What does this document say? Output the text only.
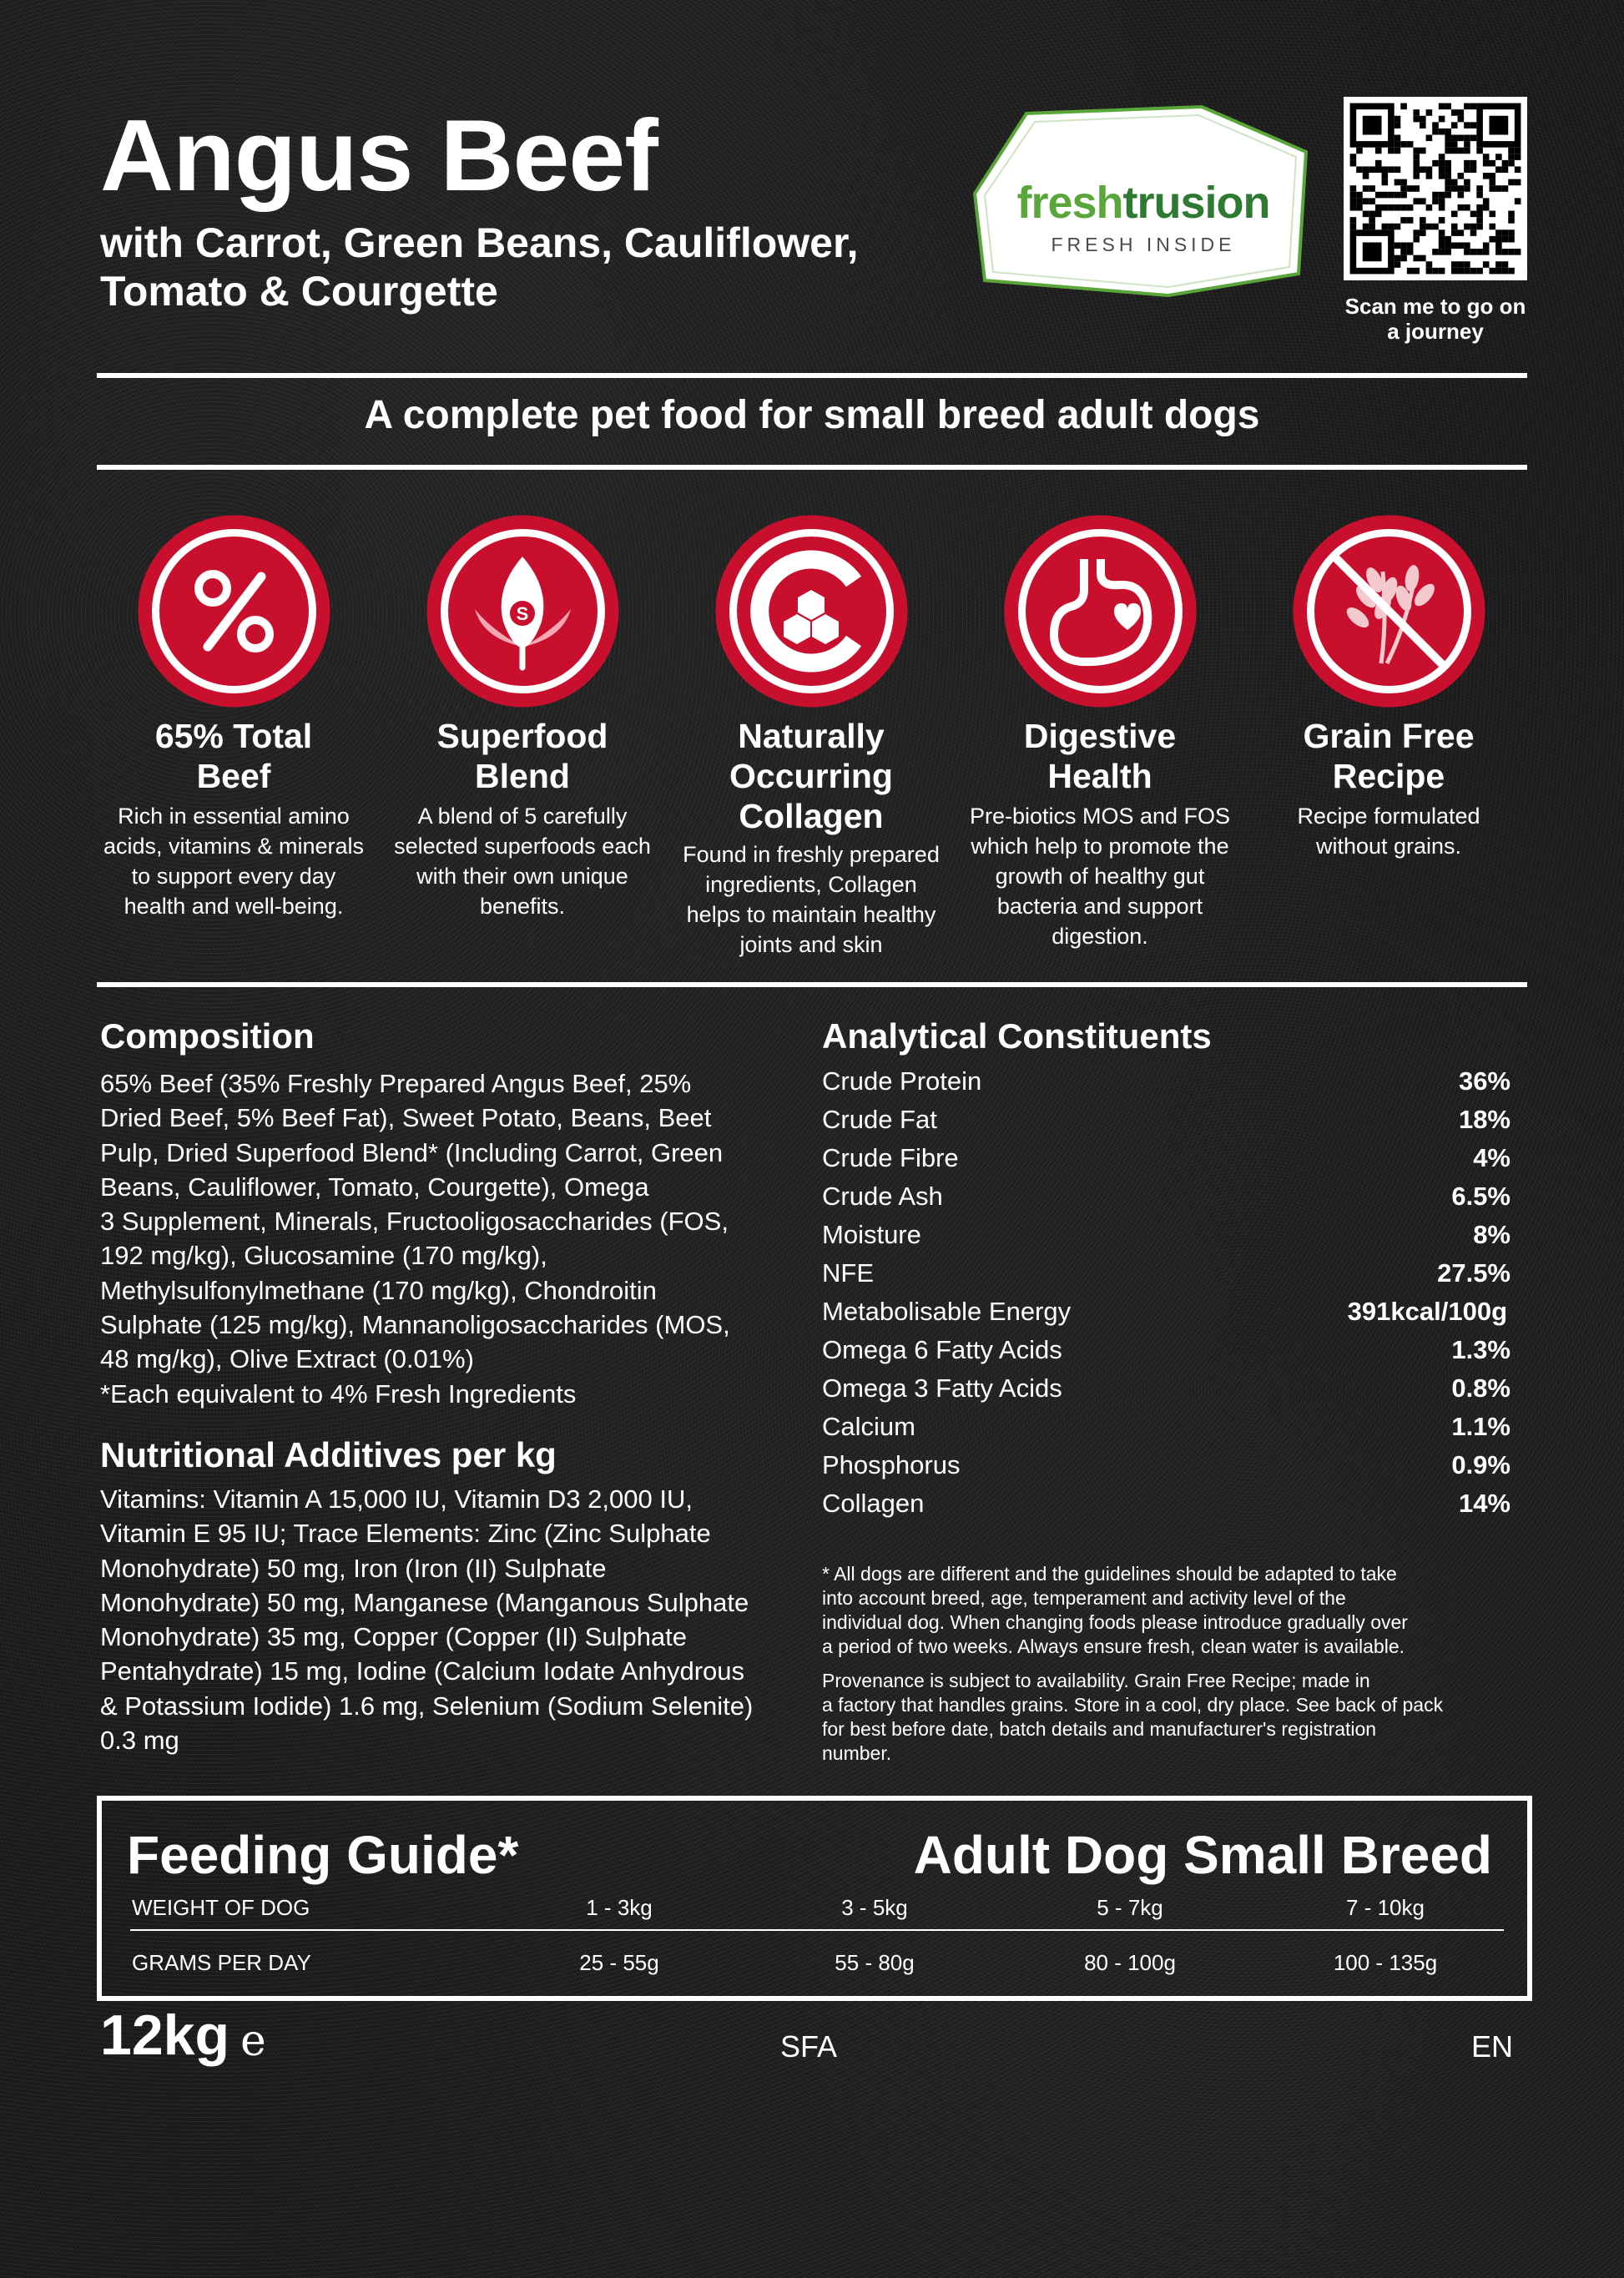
Angus Beef
with Carrot, Green Beans, Cauliflower,
Tomato & Courgette
freshtrusion
FRESH INSIDE
Scan me to go on
a journey
A complete pet food for small breed adult dogs
S
65% Total
Beef
Rich in essential amino
acids, vitamins & minerals
to support every day
health and well-being.
Superfood
Blend
A blend of 5 carefully
selected superfoods each
with their own unique
benefits.
Naturally
Occurring
Collagen
Found in freshly prepared
ingredients, Collagen
helps to maintain healthy
joints and skin
Digestive
Health
Pre-biotics MOS and FOS
which help to promote the
growth of healthy gut
bacteria and support
digestion.
Grain Free
Recipe
Recipe formulated
without grains.
Composition
65% Beef (35% Freshly Prepared Angus Beef, 25%
Dried Beef, 5% Beef Fat), Sweet Potato, Beans, Beet
Pulp, Dried Superfood Blend* (Including Carrot, Green
Beans, Cauliflower, Tomato, Courgette), Omega
3 Supplement, Minerals, Fructooligosaccharides (FOS,
192 mg/kg), Glucosamine (170 mg/kg),
Methylsulfonylmethane (170 mg/kg), Chondroitin
Sulphate (125 mg/kg), Mannanoligosaccharides (MOS,
48 mg/kg), Olive Extract (0.01%)
*Each equivalent to 4% Fresh Ingredients
Nutritional Additives per kg
Vitamins: Vitamin A 15,000 IU, Vitamin D3 2,000 IU,
Vitamin E 95 IU; Trace Elements: Zinc (Zinc Sulphate
Monohydrate) 50 mg, Iron (Iron (II) Sulphate
Monohydrate) 50 mg, Manganese (Manganous Sulphate
Monohydrate) 35 mg, Copper (Copper (II) Sulphate
Pentahydrate) 15 mg, Iodine (Calcium Iodate Anhydrous
& Potassium Iodide) 1.6 mg, Selenium (Sodium Selenite)
0.3 mg
Analytical Constituents
Crude Protein	36%
Crude Fat	18%
Crude Fibre	4%
Crude Ash	6.5%
Moisture	8%
NFE	27.5%
Metabolisable Energy	391kcal/100g
Omega 6 Fatty Acids	1.3%
Omega 3 Fatty Acids	0.8%
Calcium	1.1%
Phosphorus	0.9%
Collagen	14%
* All dogs are different and the guidelines should be adapted to take
into account breed, age, temperament and activity level of the
individual dog. When changing foods please introduce gradually over
a period of two weeks. Always ensure fresh, clean water is available.
Provenance is subject to availability. Grain Free Recipe; made in
a factory that handles grains. Store in a cool, dry place. See back of pack
for best before date, batch details and manufacturer's registration
number.
Feeding Guide*	Adult Dog Small Breed
WEIGHT OF DOG	1 - 3kg	3 - 5kg	5 - 7kg	7 - 10kg
GRAMS PER DAY	25 - 55g	55 - 80g	80 - 100g	100 - 135g
12kg e	SFA	EN
